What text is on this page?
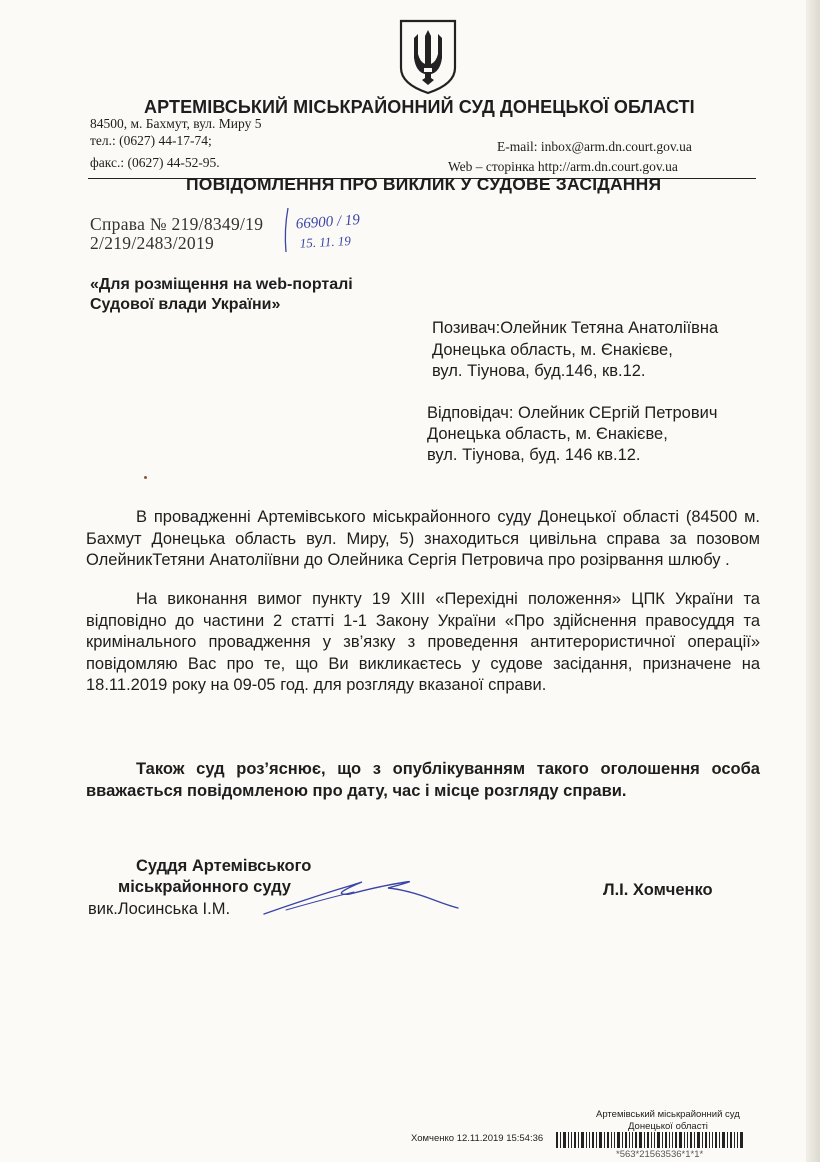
АРТЕМІВСЬКИЙ МІСЬКРАЙОННИЙ СУД ДОНЕЦЬКОЇ ОБЛАСТІ
84500, м. Бахмут, вул. Миру 5
тел.: (0627) 44-17-74;
факс.: (0627) 44-52-95.
E-mail: inbox@arm.dn.court.gov.ua
Web – сторінка http://arm.dn.court.gov.ua
ПОВІДОМЛЕННЯ ПРО ВИКЛИК У СУДОВЕ ЗАСІДАННЯ
Справа № 219/8349/19
2/219/2483/2019
66900 / 19
15. 11. 19
«Для розміщення на web-порталі
Судової влади України»
Позивач:Олейник Тетяна Анатоліївна
Донецька область, м. Єнакієве,
вул. Тіунова, буд.146, кв.12.
Відповідач: Олейник СЕргій Петрович
Донецька область, м. Єнакієве,
вул. Тіунова, буд. 146 кв.12.

В провадженні Артемівського міськрайонного суду Донецької області (84500 м. Бахмут Донецька область вул. Миру, 5) знаходиться цивільна справа за позовом ОлейникТетяни Анатоліївни до Олейника Сергія Петровича про розірвання шлюбу .

На виконання вимог пункту 19 ХІІІ «Перехідні положення» ЦПК України та відповідно до частини 2 статті 1-1 Закону України «Про здійснення правосуддя та кримінального провадження у зв’язку з проведення антитерористичної операції» повідомляю Вас про те, що Ви викликаєтесь у судове засідання, призначене на 18.11.2019 року на 09-05 год. для розгляду вказаної справи.

Також суд роз’яснює, що з опублікуванням такого оголошення особа вважається повідомленою про дату, час і місце розгляду справи.

Суддя Артемівського
міськрайонного суду
вик.Лосинська І.М.
Л.І. Хомченко
Артемівський міськрайонний суд
Донецької області
Хомченко 12.11.2019 15:54:36
*563*21563536*1*1*
